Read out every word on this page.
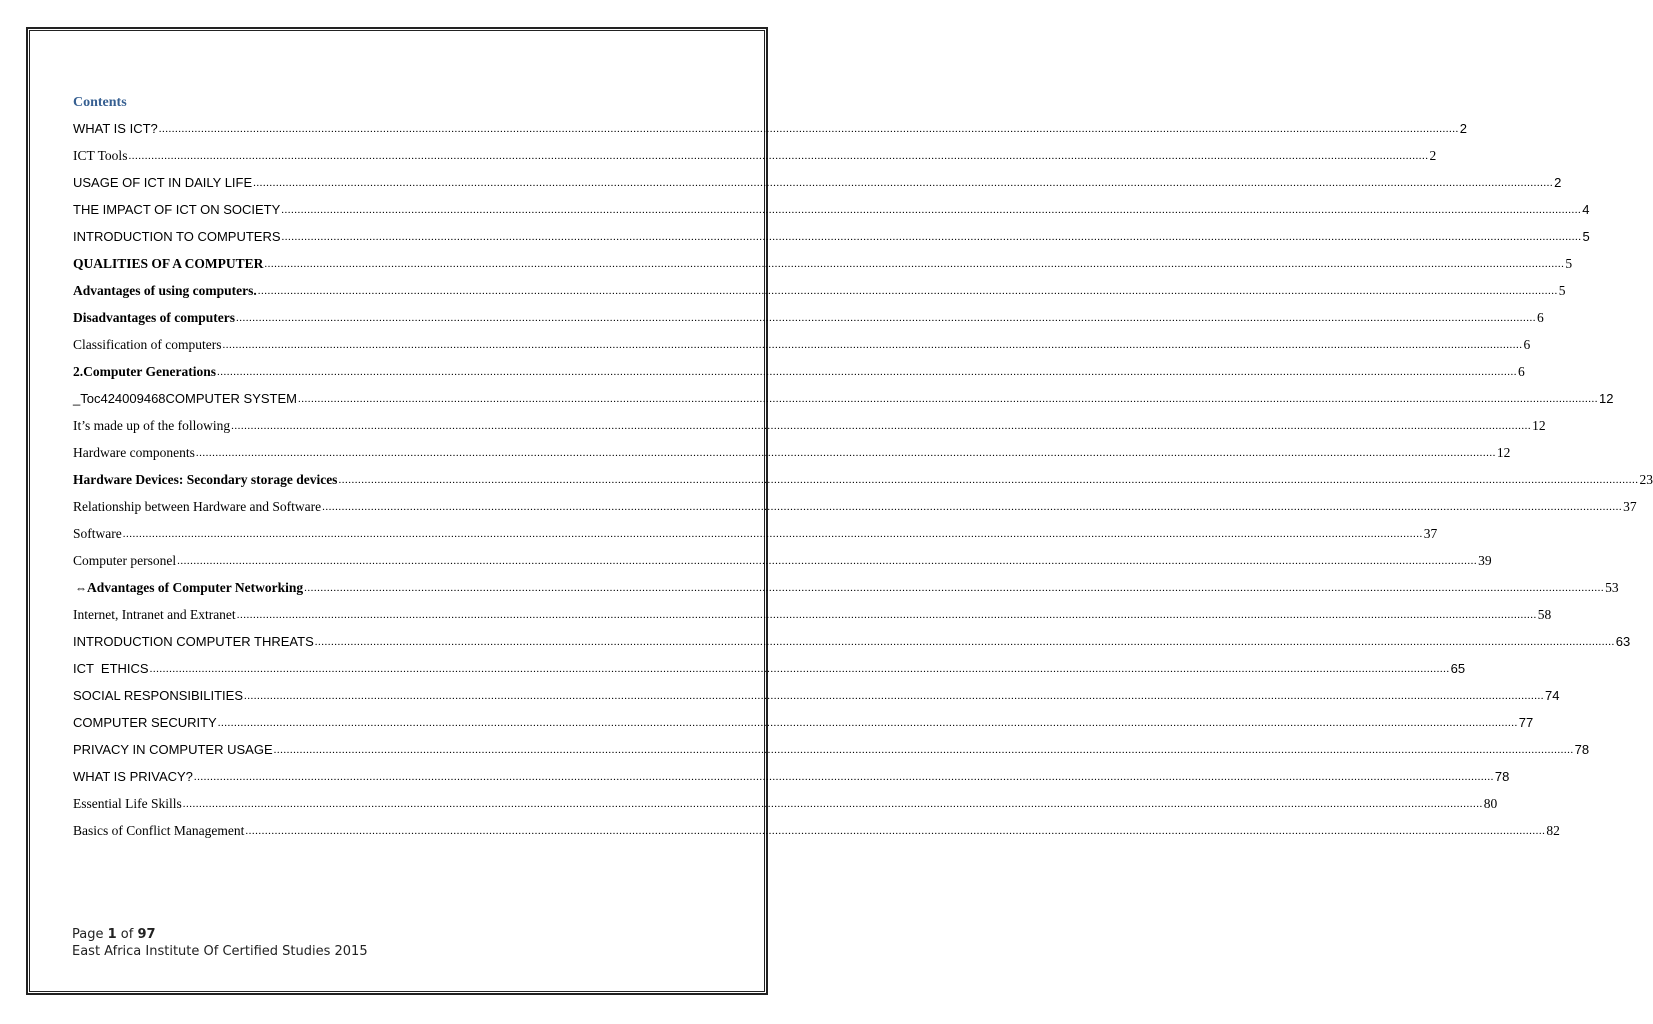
Contents
WHAT IS ICT? ................................................................................................................................................................................................................................................................................................................................................................................................................ 2
ICT Tools ................................................................................................................................................................................................................................................................................................................................................................................................................ 2
USAGE OF ICT IN DAILY LIFE ................................................................................................................................................................................................................................................................................................................................................................................................................ 2
THE IMPACT OF ICT ON SOCIETY ................................................................................................................................................................................................................................................................................................................................................................................................................ 4
INTRODUCTION TO COMPUTERS ................................................................................................................................................................................................................................................................................................................................................................................................................ 5
QUALITIES OF A COMPUTER ................................................................................................................................................................................................................................................................................................................................................................................................................ 5
Advantages of using computers. ................................................................................................................................................................................................................................................................................................................................................................................................................ 5
Disadvantages of computers ................................................................................................................................................................................................................................................................................................................................................................................................................ 6
Classification of computers ................................................................................................................................................................................................................................................................................................................................................................................................................ 6
2. Computer Generations ................................................................................................................................................................................................................................................................................................................................................................................................................ 6
_Toc424009468COMPUTER SYSTEM ................................................................................................................................................................................................................................................................................................................................................................................................................ 12
It’s made up of the following ................................................................................................................................................................................................................................................................................................................................................................................................................ 12
Hardware components ................................................................................................................................................................................................................................................................................................................................................................................................................ 12
Hardware Devices: Secondary storage devices ................................................................................................................................................................................................................................................................................................................................................................................................................ 23
Relationship between Hardware and Software ................................................................................................................................................................................................................................................................................................................................................................................................................ 37
Software ................................................................................................................................................................................................................................................................................................................................................................................................................ 37
Computer personel ................................................................................................................................................................................................................................................................................................................................................................................................................ 39
⇔ Advantages of Computer Networking ................................................................................................................................................................................................................................................................................................................................................................................................................ 53
Internet, Intranet and Extranet ................................................................................................................................................................................................................................................................................................................................................................................................................ 58
INTRODUCTION COMPUTER THREATS ................................................................................................................................................................................................................................................................................................................................................................................................................ 63
ICT  ETHICS ................................................................................................................................................................................................................................................................................................................................................................................................................ 65
SOCIAL RESPONSIBILITIES ................................................................................................................................................................................................................................................................................................................................................................................................................ 74
COMPUTER SECURITY ................................................................................................................................................................................................................................................................................................................................................................................................................ 77
PRIVACY IN COMPUTER USAGE ................................................................................................................................................................................................................................................................................................................................................................................................................ 78
WHAT IS PRIVACY? ................................................................................................................................................................................................................................................................................................................................................................................................................ 78
Essential Life Skills ................................................................................................................................................................................................................................................................................................................................................................................................................ 80
Basics of Conflict Management ................................................................................................................................................................................................................................................................................................................................................................................................................ 82
Page 1 of 97
East Africa Institute Of Certified Studies 2015
